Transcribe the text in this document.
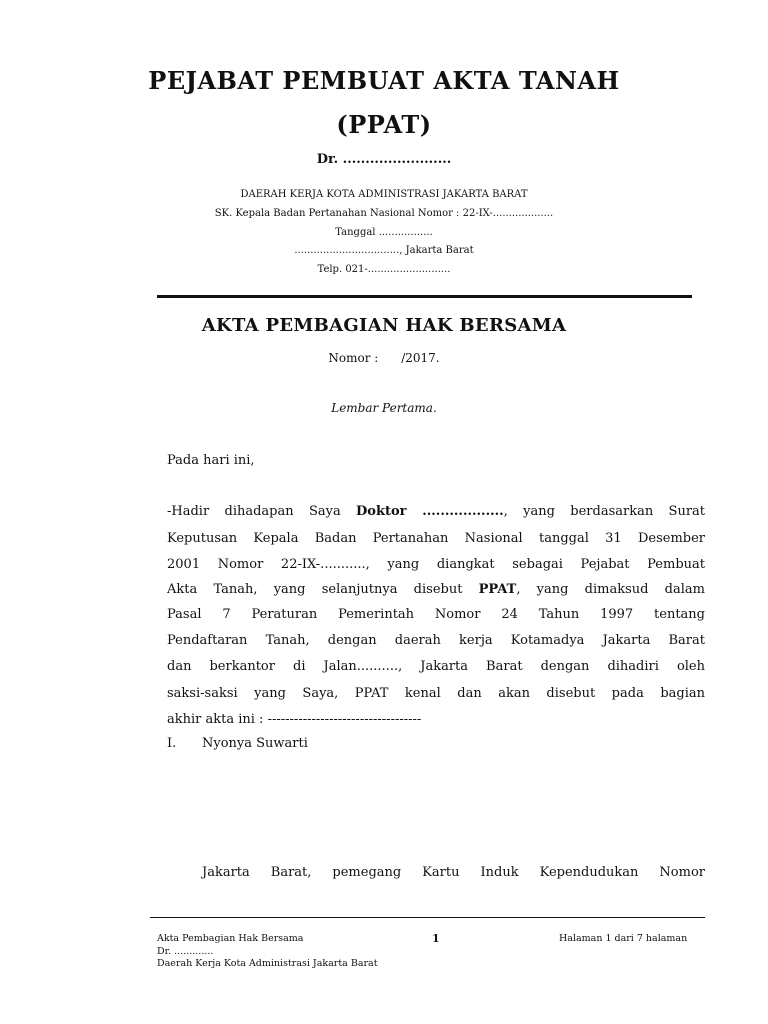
PEJABAT PEMBUAT AKTA TANAH
(PPAT)
Dr. ........................
DAERAH KERJA KOTA ADMINISTRASI JAKARTA BARAT
SK. Kepala Badan Pertanahan Nasional Nomor : 22-IX-...................
Tanggal .................
................................., Jakarta Barat
Telp. 021-..........................
AKTA PEMBAGIAN HAK BERSAMA
Nomor :      /2017.
Lembar Pertama.
Pada hari ini,
-Hadir dihadapan Saya Doktor .................., yang berdasarkan Surat
Keputusan Kepala Badan Pertanahan Nasional tanggal 31 Desember
2001 Nomor 22-IX-..........., yang diangkat sebagai Pejabat Pembuat
Akta Tanah, yang selanjutnya disebut PPAT, yang dimaksud dalam
Pasal 7 Peraturan Pemerintah Nomor 24 Tahun 1997 tentang
Pendaftaran Tanah, dengan daerah kerja Kotamadya Jakarta Barat
dan berkantor di Jalan.........., Jakarta Barat dengan dihadiri oleh
saksi-saksi yang Saya, PPAT kenal dan akan disebut pada bagian
akhir akta ini : -----------------------------------
I. Nyonya Suwarti
Jakarta Barat, pemegang Kartu Induk Kependudukan Nomor
Akta Pembagian Hak Bersama
Dr. .............
Daerah Kerja Kota Administrasi Jakarta Barat
1	Halaman 1 dari 7 halaman
